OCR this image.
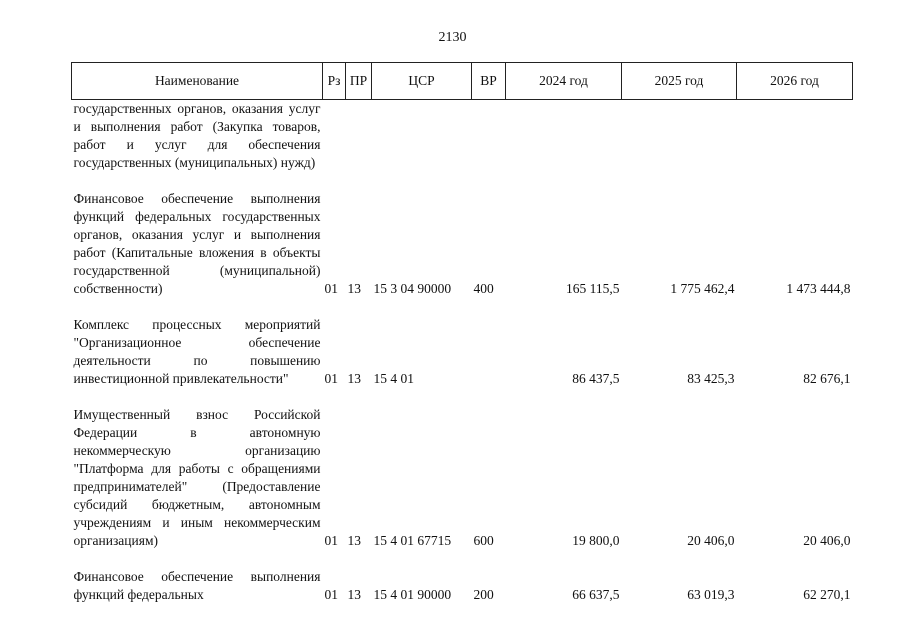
2130
Наименование	Рз	ПР	ЦСР	ВР	2024 год	2025 год	2026 год
государственных органов, оказания услуг и выполнения работ (Закупка товаров, работ и услуг для обеспечения государственных (муниципальных) нужд)							

Финансовое обеспечение выполнения функций федеральных государственных органов, оказания услуг и выполнения работ (Капитальные вложения в объекты государственной (муниципальной) собственности)	01	13	15 3 04 90000	400	165 115,5	1 775 462,4	1 473 444,8

Комплекс процессных мероприятий "Организационное обеспечение деятельности по повышению инвестиционной привлекательности"	01	13	15 4 01		86 437,5	83 425,3	82 676,1

Имущественный взнос Российской Федерации в автономную некоммерческую организацию "Платформа для работы с обращениями предпринимателей" (Предоставление субсидий бюджетным, автономным учреждениям и иным некоммерческим организациям)	01	13	15 4 01 67715	600	19 800,0	20 406,0	20 406,0

Финансовое обеспечение выполнения функций федеральных	01	13	15 4 01 90000	200	66 637,5	63 019,3	62 270,1
